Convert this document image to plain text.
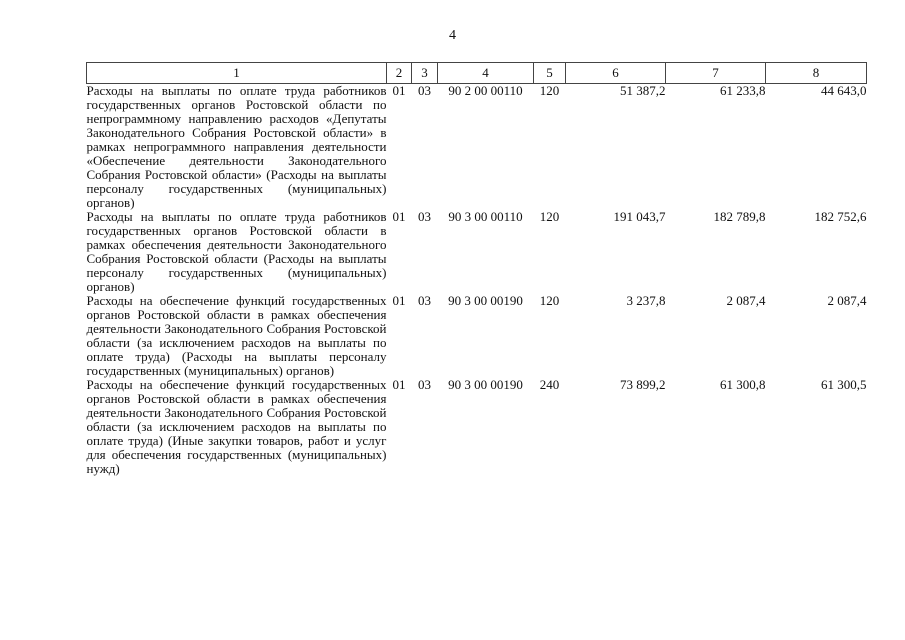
4
1	2	3	4	5	6	7	8
Расходы на выплаты по оплате труда работников государственных органов Ростовской области по непрограммному направлению расходов «Депутаты Законодательного Собрания Ростовской области» в рамках непрограммного направления деятельности «Обеспечение деятельности Законодательного Собрания Ростовской области» (Расходы на выплаты персоналу государственных (муниципальных) органов)	01	03	90 2 00 00110	120	51 387,2	61 233,8	44 643,0
Расходы на выплаты по оплате труда работников государственных органов Ростовской области в рамках обеспечения деятельности Законодательного Собрания Ростовской области (Расходы на выплаты персоналу государственных (муниципальных) органов)	01	03	90 3 00 00110	120	191 043,7	182 789,8	182 752,6
Расходы на обеспечение функций государственных органов Ростовской области в рамках обеспечения деятельности Законодательного Собрания Ростовской области (за исключением расходов на выплаты по оплате труда) (Расходы на выплаты персоналу государственных (муниципальных) органов)	01	03	90 3 00 00190	120	3 237,8	2 087,4	2 087,4
Расходы на обеспечение функций государственных органов Ростовской области в рамках обеспечения деятельности Законодательного Собрания Ростовской области (за исключением расходов на выплаты по оплате труда) (Иные закупки товаров, работ и услуг для обеспечения государственных (муниципальных) нужд)	01	03	90 3 00 00190	240	73 899,2	61 300,8	61 300,5
